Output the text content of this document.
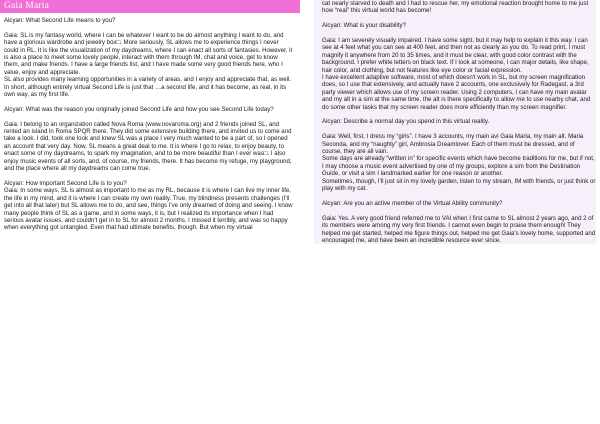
Gaia Maria

Alcyan: What Second Life means to you?

Gaia: SL is my fantasy world, where I can be whatever I want to be do almost anything I want to do, and have a glorious wardrobe and jewelry box□. More seriously, SL allows me to experience things I never could in RL. It is like the visualization of my daydreams, where I can enact all sorts of fantasies. However, it is also a place to meet some lovely people, interact with them through IM, chat and voice, get to know them, and make friends. I have a large friends list, and I have made some very good friends here, who I value, enjoy and appreciate.

SL also provides many learning opportunities in a variety of areas, and I enjoy and appreciate that, as well. In short, although entirely virtual Second Life is just that …a second life, and it has become, as real, in its own way, as my first life.

Alcyan: What was the reason you originally joined Second Life and how you see Second Life today?

Gaia: I belong to an organization called Nova Roma (www.novaroma.org) and 2 friends joined SL, and rented an island in Roma SPQR there. They did some extensive building there, and invited us to come and take a look. I did, took one look and knew SL was a place I very much wanted to be a part of, so I opened an account that very day. Now, SL means a great deal to me. It is where I go to relax, to enjoy beauty, to enact some of my daydreams, to spark my imagination, and to be more beautiful than I ever was□. I also enjoy music events of all sorts, and, of course, my friends, there. It has become my refuge, my playground, and the place where all my daydreams can come true.

Alcyan: How important Second Life is to you?

Gaia: In some ways, SL is almost as important to me as my RL, because it is where I can live my inner life, the life in my mind, and it is where I can create my own reality. True, my blindness presents challenges (I'll get into all that later) but SL allows me to do, and see, things I've only dreamed of doing and seeing. I know many people think of SL as a game, and in some ways, it is, but I realized its importance when I had serious avatar issues, and couldn't get in to SL for almost 2 months. I missed it terribly, and was so happy when everything got untangled. Even that had ultimate benefits, though. But when my virtual

cat nearly starved to death and I had to rescue her, my emotional reaction brought home to me just how “real” this virtual world has become!

Alcyan: What is your disability?

Gaia: I am severely visually impaired. I have some sight, but it may help to explain it this way. I can see at 4 feet what you can see at 400 feet, and then not as clearly as you do. To read print, I must magnify it anywhere from 20 to 35 times, and it must be clear, with good color contrast with the background. I prefer white letters on black text. If I look at someone, I can major details, like shape, hair color, and clothing, but not features like eye color or facial expression.

I have excellent adaptive software, most of which doesn't work in SL, but my screen magnification does, so I use that extensively, and actually have 2 accounts, one exclusively for Radegast, a 3rd party viewer which allows use of my screen reader. Using 2 computers, I can have my main avatar and my alt in a sim at the same time, the alt is there specifically to allow me to use nearby chat, and do some other tasks that my screen reader does more efficiently than my screen magnifier.

Alcyan: Describe a normal day you spend in this virtual reality.

Gaia: Well, first, I dress my “girls”. I have 3 accounts, my main avi Gaia Maria, my main alt, Maria Seconda, and my “naughty” girl, Ambrosia Dreamlover. Each of them must be dressed, and of course, they are all vain.

Some days are already “written in” for specific events which have become traditions for me, but if not, I may choose a music event advertised by one of my groups, explore a sim from the Destination Guide, or visit a sim I landmarked earlier for one reason or another.

Sometimes, though, I'll just sit in my lovely garden, listen to my stream, IM with friends, or just think or play with my cat.

Alcyan: Are you an active member of the Virtual Ability community?

Gaia: Yes. A very good friend referred me to VAI when I first came to SL almost 2 years ago, and 2 of its members were among my very first friends. I cannot even begin to praise them enough! They helped me get started, helped me figure things out, helped me get Gaia's lovely home, supported and encouraged me, and have been an incredible resource ever since.
